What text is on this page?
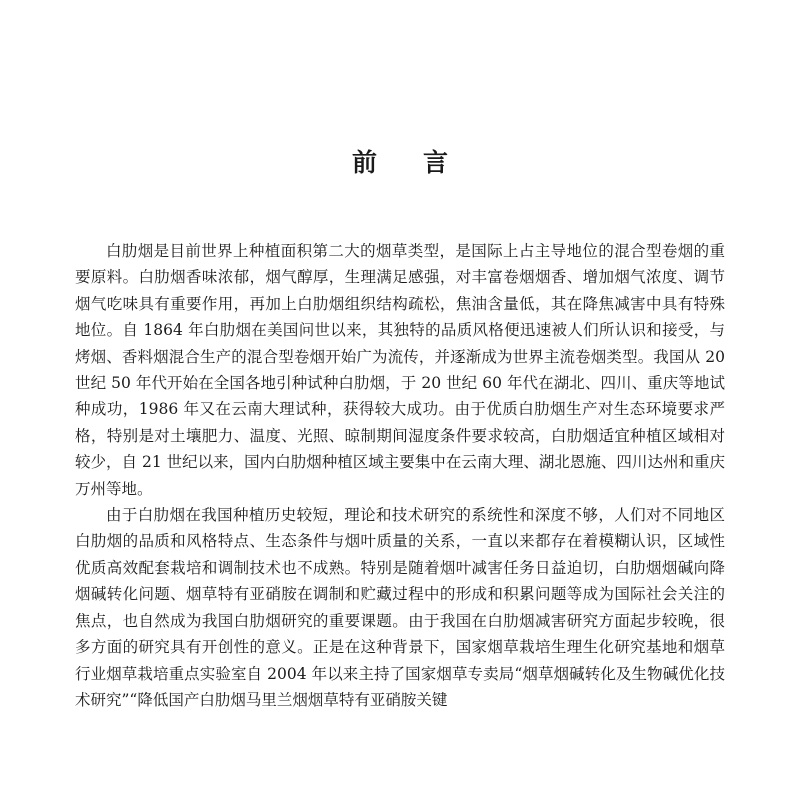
前 言

白肋烟是目前世界上种植面积第二大的烟草类型，是国际上占主导地位的混合型卷烟的重要原料。白肋烟香味浓郁，烟气醇厚，生理满足感强，对丰富卷烟烟香、增加烟气浓度、调节烟气吃味具有重要作用，再加上白肋烟组织结构疏松，焦油含量低，其在降焦减害中具有特殊地位。自 1864 年白肋烟在美国问世以来，其独特的品质风格便迅速被人们所认识和接受，与烤烟、香料烟混合生产的混合型卷烟开始广为流传，并逐渐成为世界主流卷烟类型。我国从 20 世纪 50 年代开始在全国各地引种试种白肋烟，于 20 世纪 60 年代在湖北、四川、重庆等地试种成功，1986 年又在云南大理试种，获得较大成功。由于优质白肋烟生产对生态环境要求严格，特别是对土壤肥力、温度、光照、晾制期间湿度条件要求较高，白肋烟适宜种植区域相对较少，自 21 世纪以来，国内白肋烟种植区域主要集中在云南大理、湖北恩施、四川达州和重庆万州等地。

由于白肋烟在我国种植历史较短，理论和技术研究的系统性和深度不够，人们对不同地区白肋烟的品质和风格特点、生态条件与烟叶质量的关系，一直以来都存在着模糊认识，区域性优质高效配套栽培和调制技术也不成熟。特别是随着烟叶减害任务日益迫切，白肋烟烟碱向降烟碱转化问题、烟草特有亚硝胺在调制和贮藏过程中的形成和积累问题等成为国际社会关注的焦点，也自然成为我国白肋烟研究的重要课题。由于我国在白肋烟减害研究方面起步较晚，很多方面的研究具有开创性的意义。正是在这种背景下，国家烟草栽培生理生化研究基地和烟草行业烟草栽培重点实验室自 2004 年以来主持了国家烟草专卖局“烟草烟碱转化及生物碱优化技术研究”“降低国产白肋烟马里兰烟烟草特有亚硝胺关键
